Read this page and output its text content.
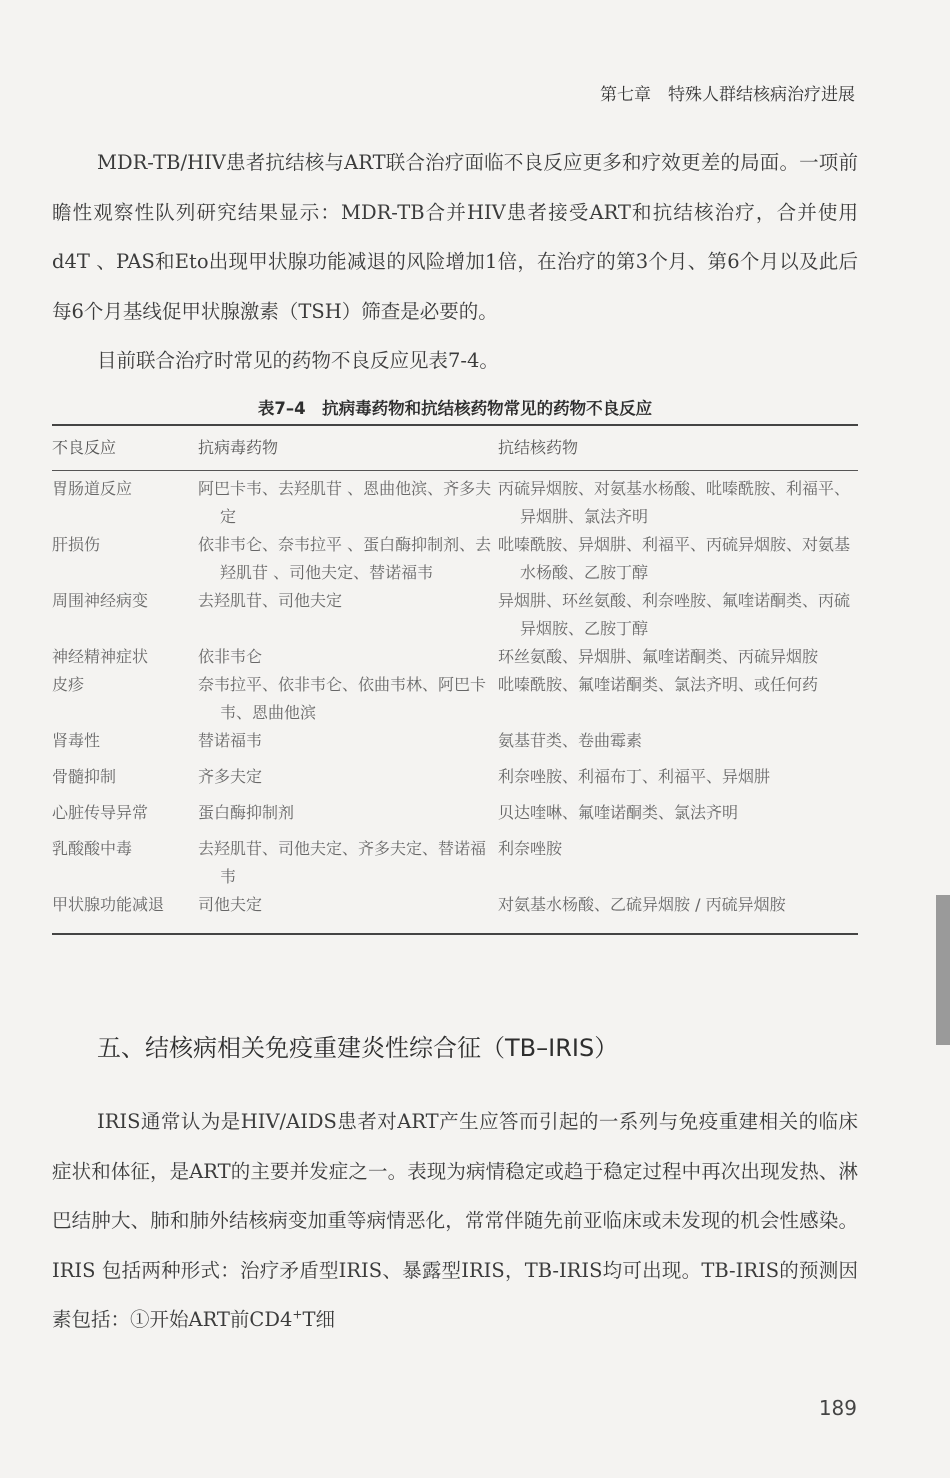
第七章　特殊人群结核病治疗进展

MDR-TB/HIV患者抗结核与ART联合治疗面临不良反应更多和疗效更差的局面。一项前瞻性观察性队列研究结果显示：MDR-TB合并HIV患者接受ART和抗结核治疗，合并使用d4T 、PAS和Eto出现甲状腺功能减退的风险增加1倍，在治疗的第3个月、第6个月以及此后每6个月基线促甲状腺激素（TSH）筛查是必要的。

目前联合治疗时常见的药物不良反应见表7-4。

表7–4　抗病毒药物和抗结核药物常见的药物不良反应
不良反应	抗病毒药物	抗结核药物

胃肠道反应	阿巴卡韦、去羟肌苷 、恩曲他滨、齐多夫定	丙硫异烟胺、对氨基水杨酸、吡嗪酰胺、利福平、异烟肼、氯法齐明

肝损伤	依非韦仑、奈韦拉平 、蛋白酶抑制剂、去羟肌苷 、司他夫定、替诺福韦	吡嗪酰胺、异烟肼、利福平、丙硫异烟胺、对氨基水杨酸、乙胺丁醇

周围神经病变	去羟肌苷、司他夫定	异烟肼、环丝氨酸、利奈唑胺、氟喹诺酮类、丙硫异烟胺、乙胺丁醇

神经精神症状	依非韦仑	环丝氨酸、异烟肼、氟喹诺酮类、丙硫异烟胺

皮疹	奈韦拉平、依非韦仑、依曲韦林、阿巴卡韦、恩曲他滨	吡嗪酰胺、氟喹诺酮类、氯法齐明、或任何药

肾毒性	替诺福韦	氨基苷类、卷曲霉素

骨髓抑制	齐多夫定	利奈唑胺、利福布丁、利福平、异烟肼

心脏传导异常	蛋白酶抑制剂	贝达喹啉、氟喹诺酮类、氯法齐明

乳酸酸中毒	去羟肌苷、司他夫定、齐多夫定、替诺福韦	利奈唑胺

甲状腺功能减退	司他夫定	对氨基水杨酸、乙硫异烟胺 / 丙硫异烟胺
五、结核病相关免疫重建炎性综合征（TB–IRIS）

IRIS通常认为是HIV/AIDS患者对ART产生应答而引起的一系列与免疫重建相关的临床症状和体征，是ART的主要并发症之一。表现为病情稳定或趋于稳定过程中再次出现发热、淋巴结肿大、肺和肺外结核病变加重等病情恶化，常常伴随先前亚临床或未发现的机会性感染。IRIS 包括两种形式：治疗矛盾型IRIS、暴露型IRIS，TB-IRIS均可出现。TB-IRIS的预测因素包括：①开始ART前CD4+T细

189
